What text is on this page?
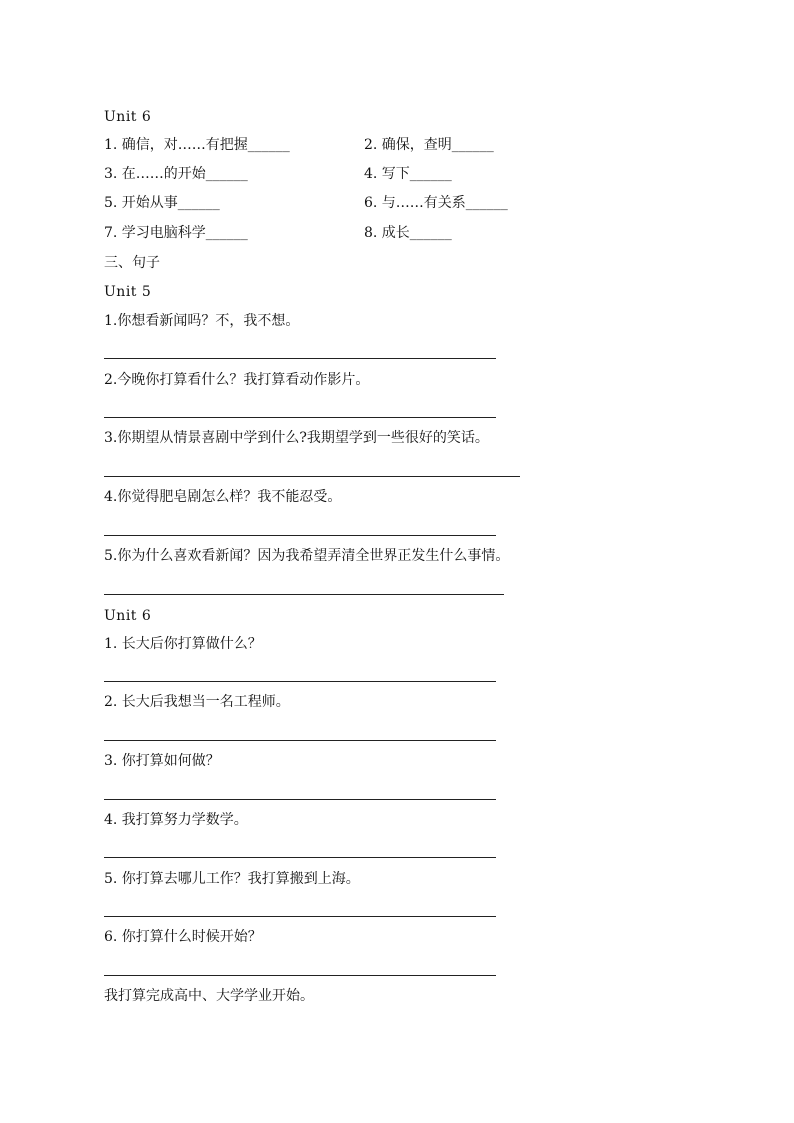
Unit 6
1. 确信，对……有把握______	2. 确保，查明______
3. 在……的开始______	4. 写下______
5. 开始从事______	6. 与……有关系______
7. 学习电脑科学______	8. 成长______
三、句子
Unit 5
1.你想看新闻吗？不，我不想。
2.今晚你打算看什么？我打算看动作影片。
3.你期望从情景喜剧中学到什么?我期望学到一些很好的笑话。
4.你觉得肥皂剧怎么样？我不能忍受。
5.你为什么喜欢看新闻？因为我希望弄清全世界正发生什么事情。
Unit 6
1. 长大后你打算做什么？
2. 长大后我想当一名工程师。
3. 你打算如何做？
4. 我打算努力学数学。
5. 你打算去哪儿工作？我打算搬到上海。
6. 你打算什么时候开始？
我打算完成高中、大学学业开始。
